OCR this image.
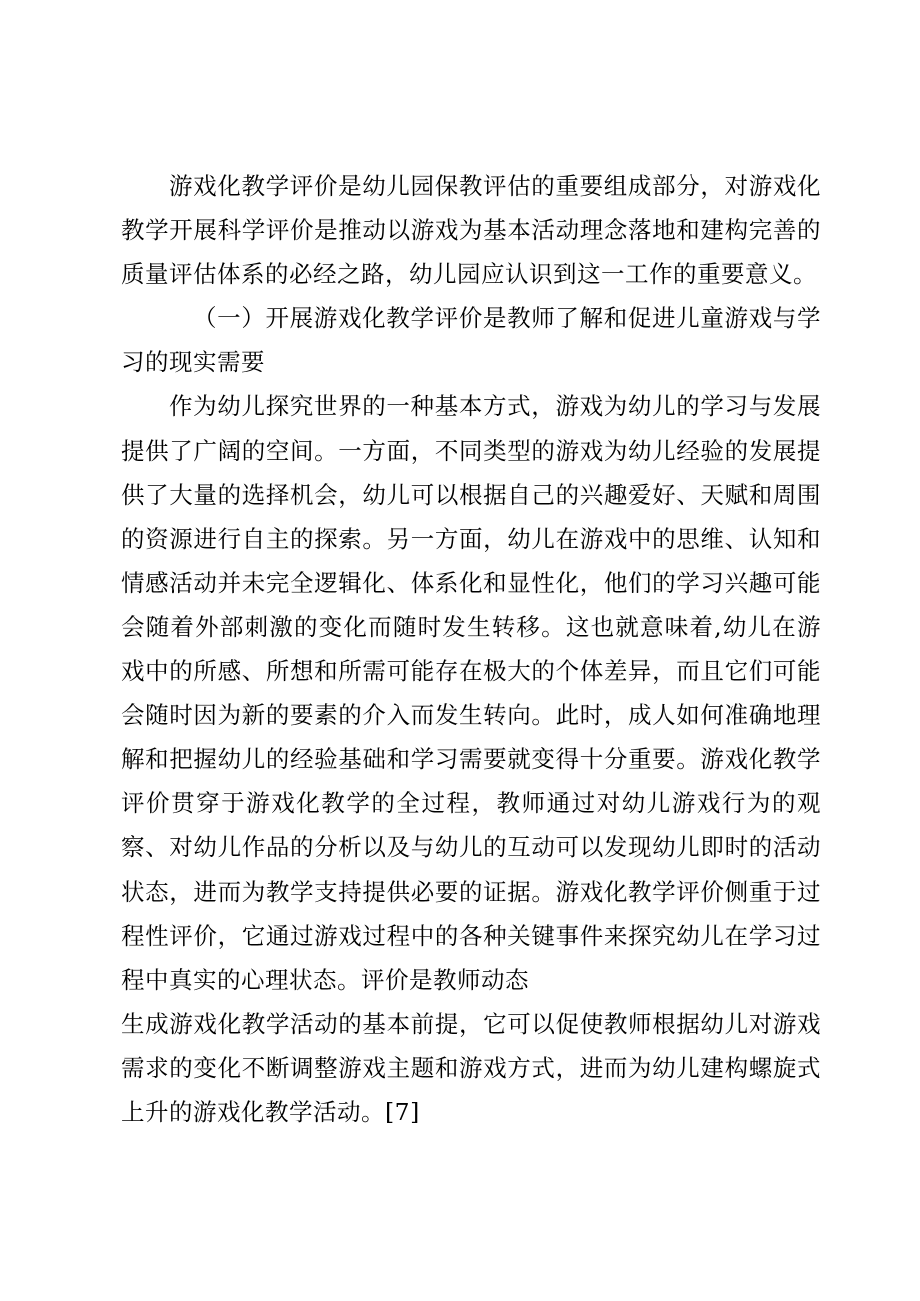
游戏化教学评价是幼儿园保教评估的重要组成部分，对游戏化教学开展科学评价是推动以游戏为基本活动理念落地和建构完善的质量评估体系的必经之路，幼儿园应认识到这一工作的重要意义。

（一）开展游戏化教学评价是教师了解和促进儿童游戏与学习的现实需要

作为幼儿探究世界的一种基本方式，游戏为幼儿的学习与发展提供了广阔的空间。一方面，不同类型的游戏为幼儿经验的发展提供了大量的选择机会，幼儿可以根据自己的兴趣爱好、天赋和周围的资源进行自主的探索。另一方面，幼儿在游戏中的思维、认知和情感活动并未完全逻辑化、体系化和显性化，他们的学习兴趣可能会随着外部刺激的变化而随时发生转移。这也就意味着,幼儿在游戏中的所感、所想和所需可能存在极大的个体差异，而且它们可能会随时因为新的要素的介入而发生转向。此时，成人如何准确地理解和把握幼儿的经验基础和学习需要就变得十分重要。游戏化教学评价贯穿于游戏化教学的全过程，教师通过对幼儿游戏行为的观察、对幼儿作品的分析以及与幼儿的互动可以发现幼儿即时的活动状态，进而为教学支持提供必要的证据。游戏化教学评价侧重于过程性评价，它通过游戏过程中的各种关键事件来探究幼儿在学习过程中真实的心理状态。评价是教师动态

生成游戏化教学活动的基本前提，它可以促使教师根据幼儿对游戏需求的变化不断调整游戏主题和游戏方式，进而为幼儿建构螺旋式上升的游戏化教学活动。[7]
